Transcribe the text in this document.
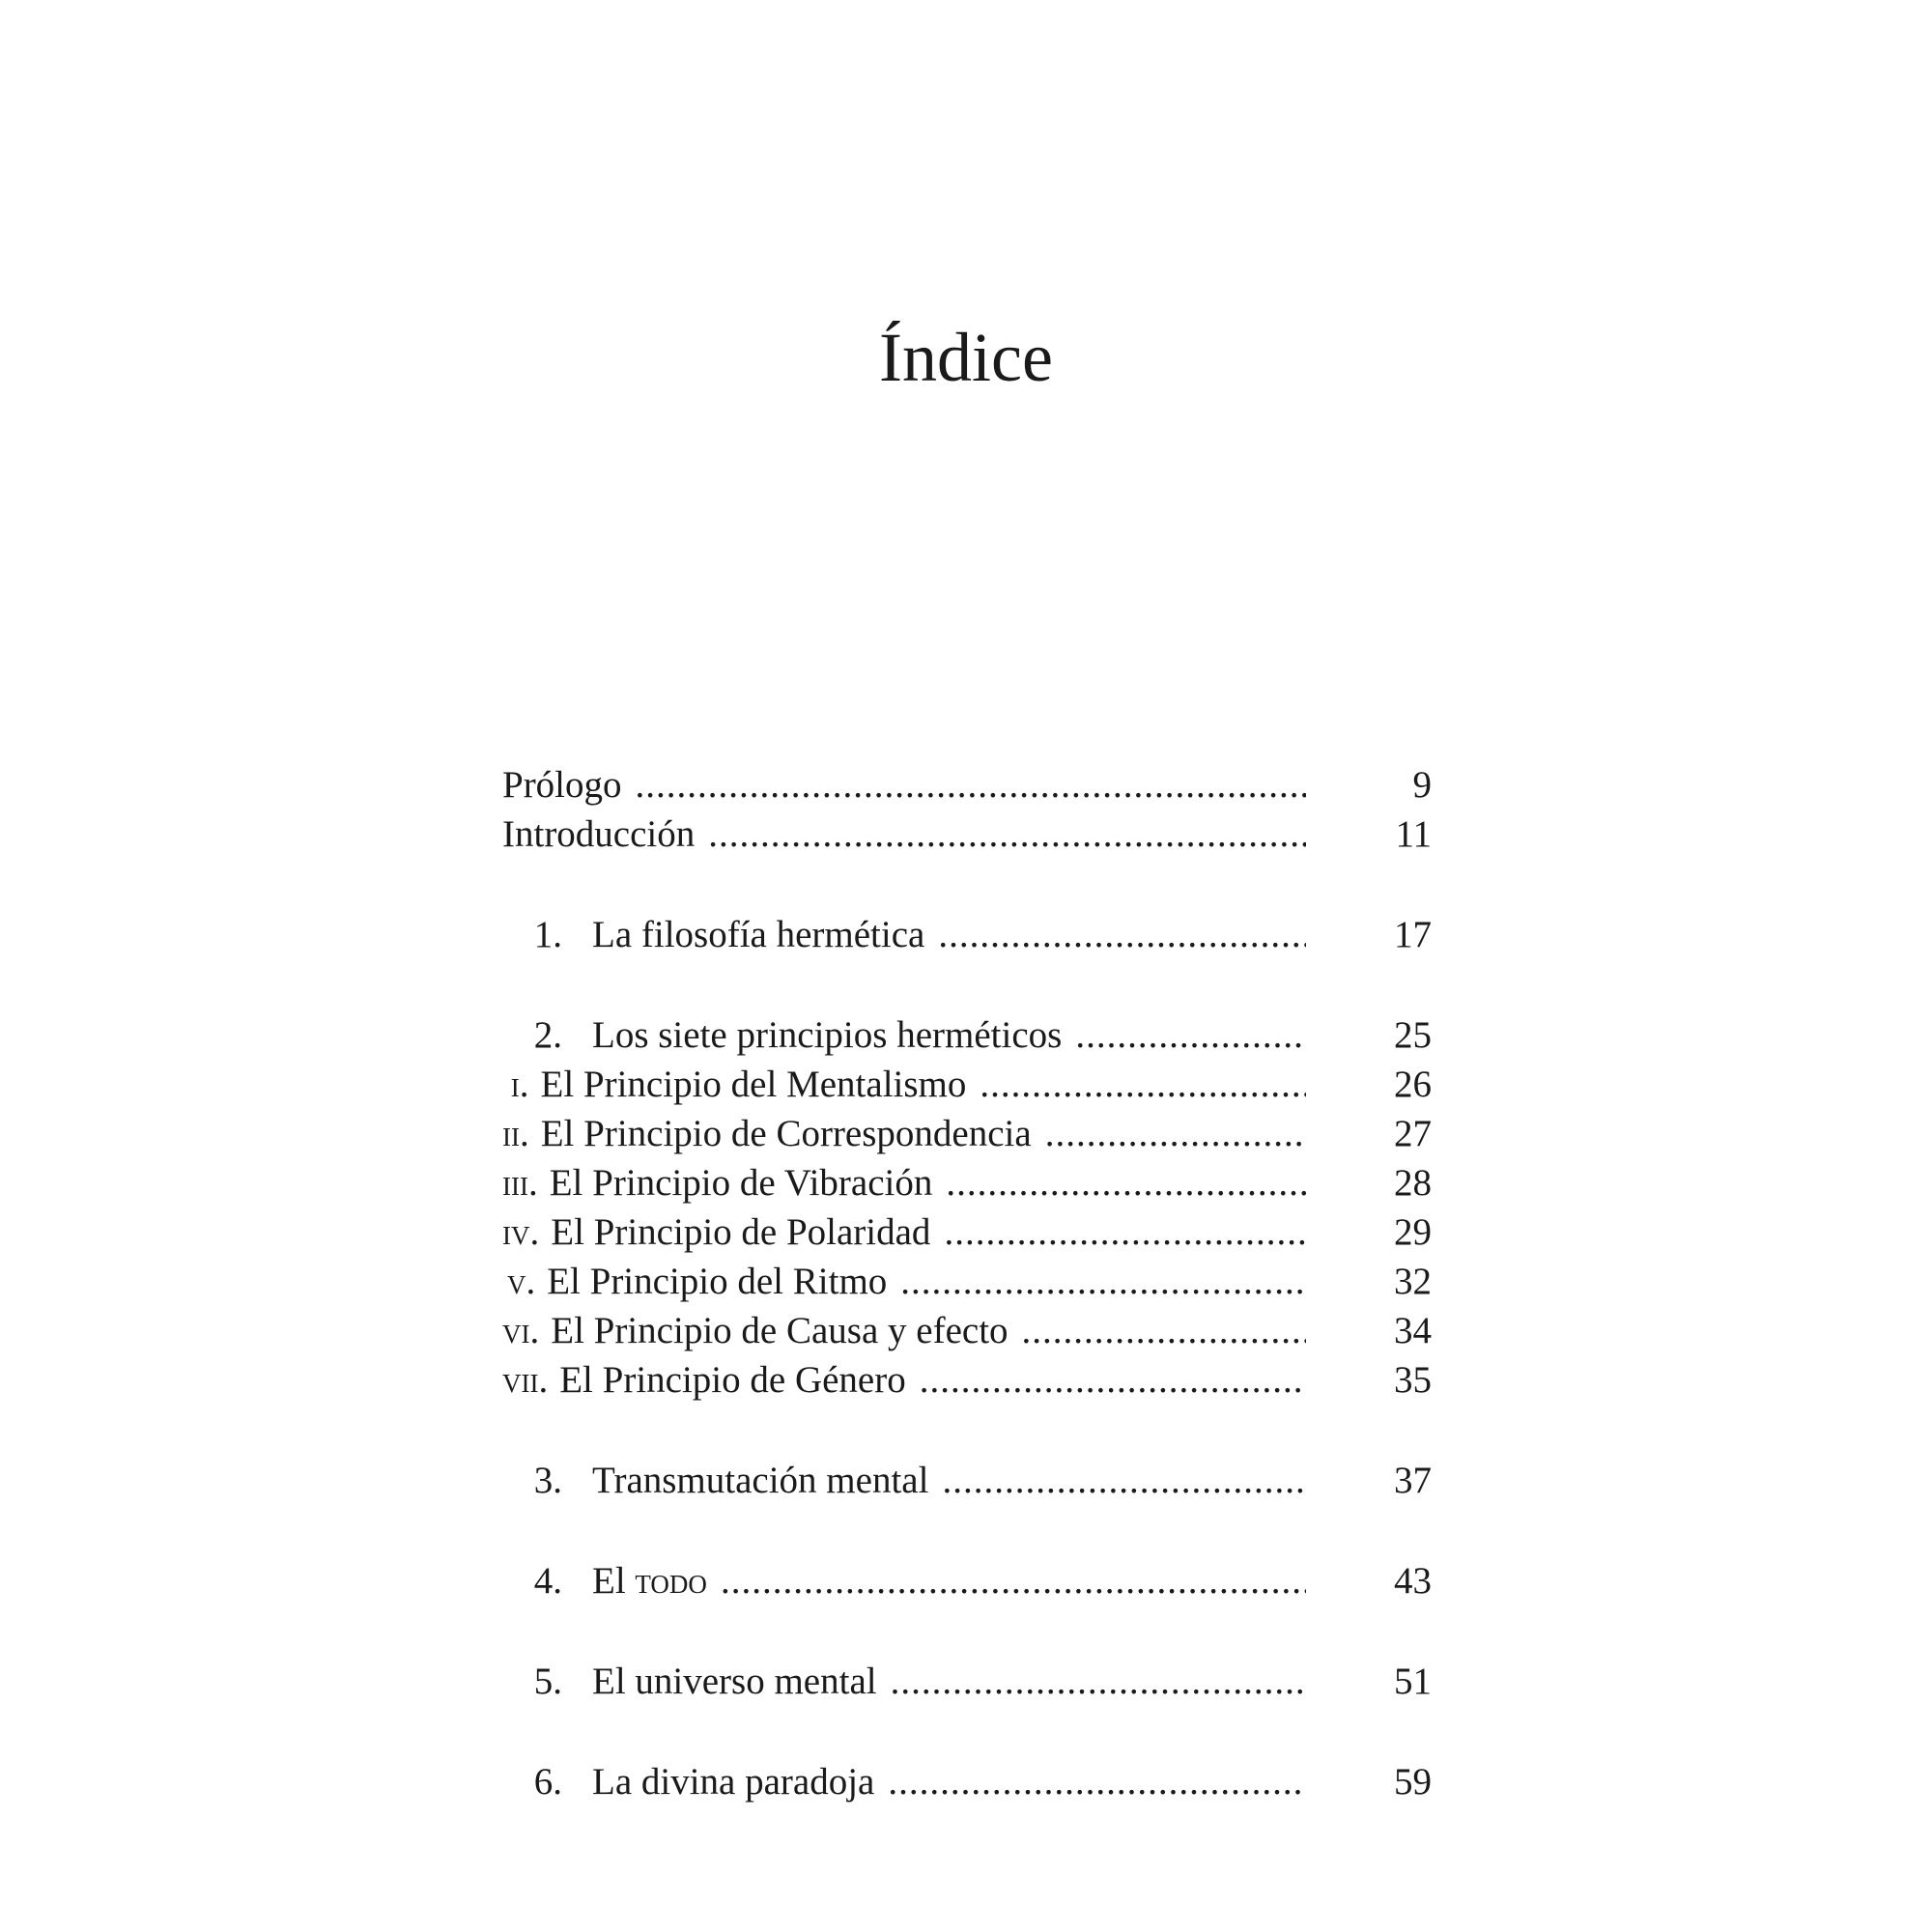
Índice
Prólogo .....	9
Introducción .....	11
1. La filosofía hermética .....	17
2. Los siete principios herméticos .....	25
i. El Principio del Mentalismo .....	26
ii. El Principio de Correspondencia .....	27
iii. El Principio de Vibración .....	28
iv. El Principio de Polaridad .....	29
v. El Principio del Ritmo .....	32
vi. El Principio de Causa y efecto .....	34
vii. El Principio de Género .....	35
3. Transmutación mental .....	37
4. El todo .....	43
5. El universo mental .....	51
6. La divina paradoja .....	59
